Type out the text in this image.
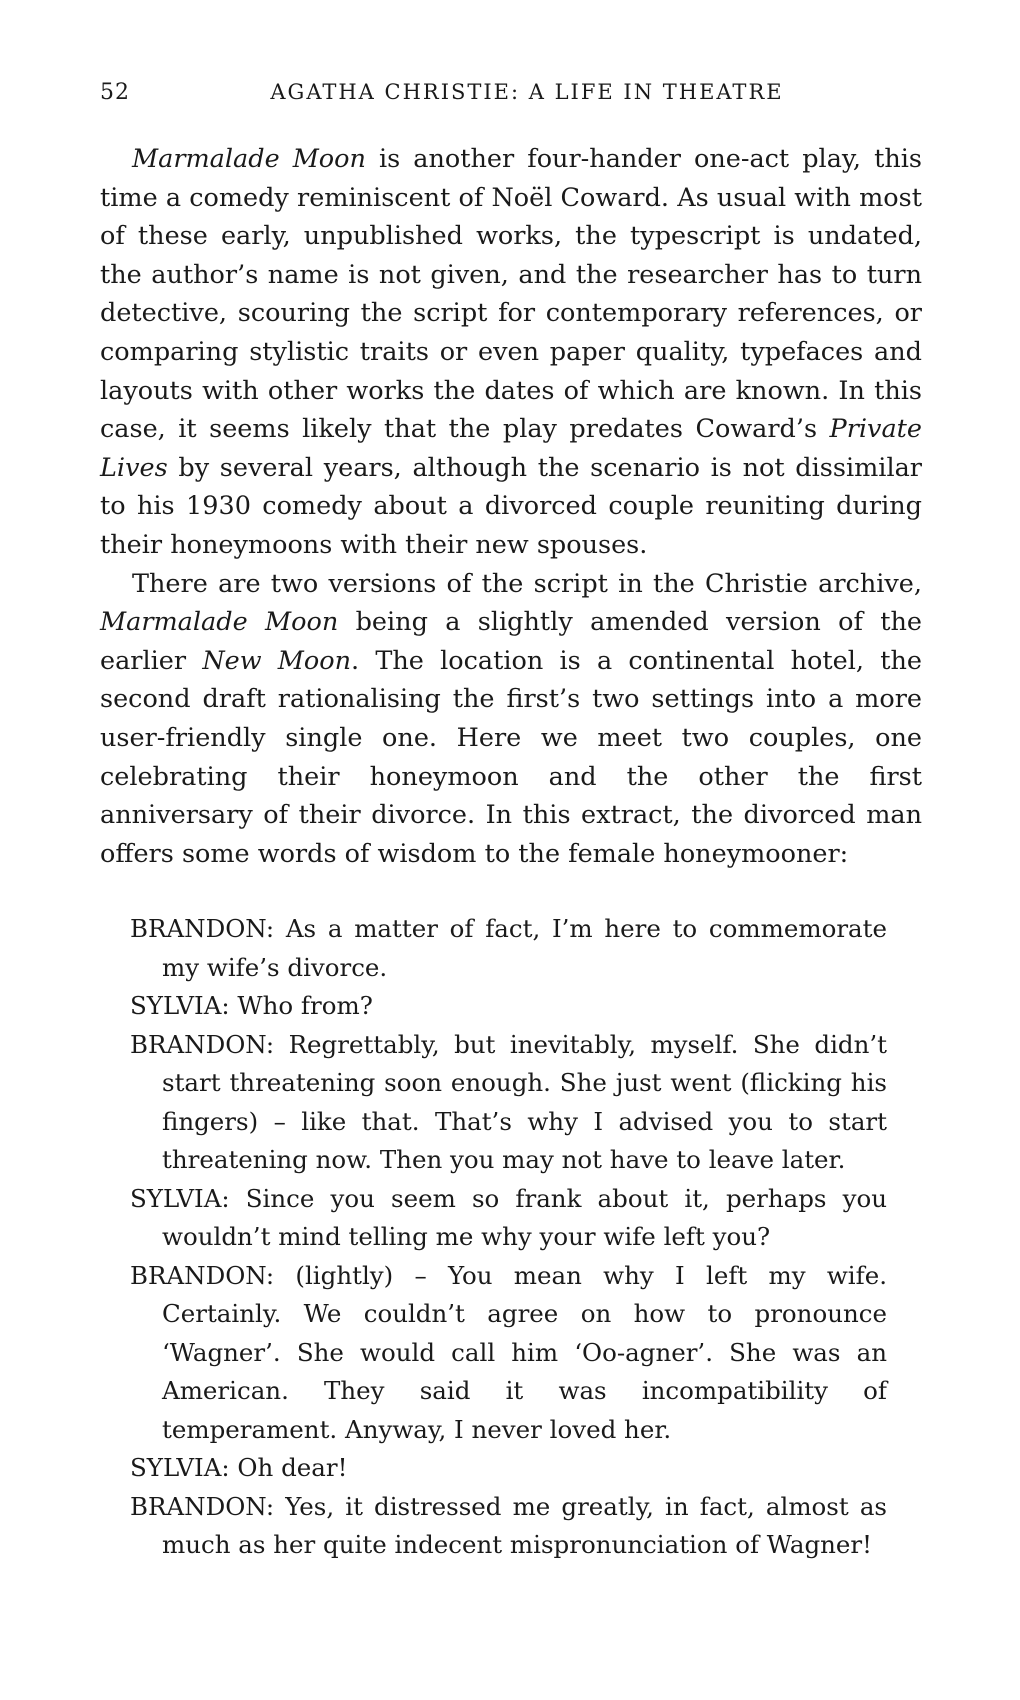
52	AGATHA CHRISTIE: A LIFE IN THEATRE

Marmalade Moon is another four-hander one-act play, this time a comedy reminiscent of Noël Coward. As usual with most of these early, unpublished works, the typescript is undated, the author’s name is not given, and the researcher has to turn detective, scouring the script for contemporary references, or comparing stylistic traits or even paper quality, typefaces and layouts with other works the dates of which are known. In this case, it seems likely that the play predates Coward’s Private Lives by several years, although the scenario is not dissimilar to his 1930 comedy about a divorced couple reuniting during their honeymoons with their new spouses.

There are two versions of the script in the Christie archive, Marmalade Moon being a slightly amended version of the earlier New Moon. The location is a continental hotel, the second draft rationalising the first’s two settings into a more user-friendly single one. Here we meet two couples, one celebrating their honeymoon and the other the first anniversary of their divorce. In this extract, the divorced man offers some words of wisdom to the female honeymooner:

BRANDON: As a matter of fact, I’m here to commemorate my wife’s divorce.

SYLVIA: Who from?

BRANDON: Regrettably, but inevitably, myself. She didn’t start threatening soon enough. She just went (flicking his fingers) – like that. That’s why I advised you to start threatening now. Then you may not have to leave later.

SYLVIA: Since you seem so frank about it, perhaps you wouldn’t mind telling me why your wife left you?

BRANDON: (lightly) – You mean why I left my wife. Certainly. We couldn’t agree on how to pronounce ‘Wagner’. She would call him ‘Oo-agner’. She was an American. They said it was incompatibility of temperament. Anyway, I never loved her.

SYLVIA: Oh dear!

BRANDON: Yes, it distressed me greatly, in fact, almost as much as her quite indecent mispronunciation of Wagner!
